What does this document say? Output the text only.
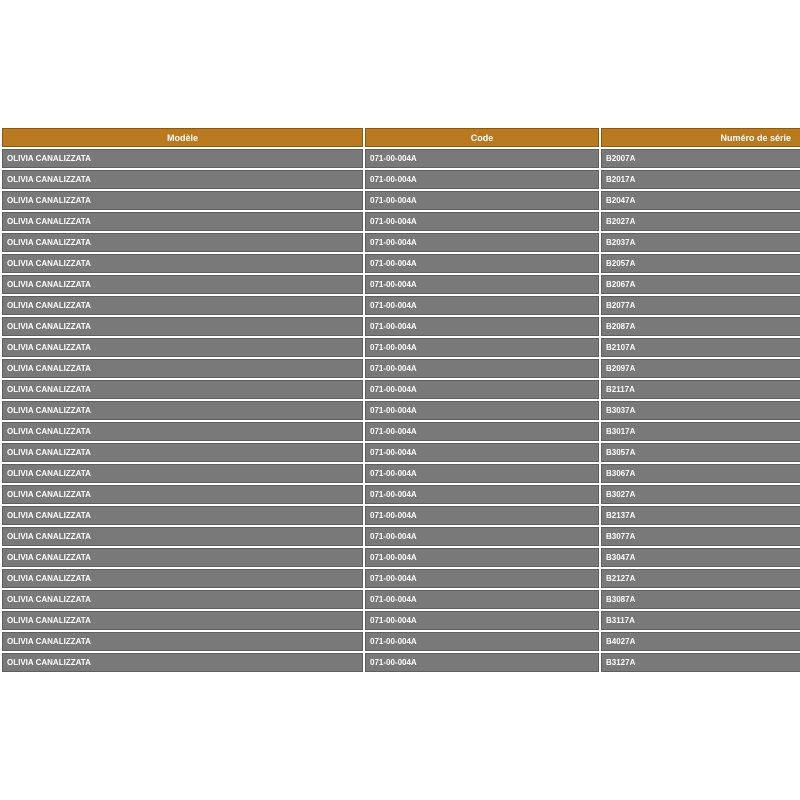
Modèle	Code	Numéro de série
OLIVIA CANALIZZATA	071-00-004A	B2007A
OLIVIA CANALIZZATA	071-00-004A	B2017A
OLIVIA CANALIZZATA	071-00-004A	B2047A
OLIVIA CANALIZZATA	071-00-004A	B2027A
OLIVIA CANALIZZATA	071-00-004A	B2037A
OLIVIA CANALIZZATA	071-00-004A	B2057A
OLIVIA CANALIZZATA	071-00-004A	B2067A
OLIVIA CANALIZZATA	071-00-004A	B2077A
OLIVIA CANALIZZATA	071-00-004A	B2087A
OLIVIA CANALIZZATA	071-00-004A	B2107A
OLIVIA CANALIZZATA	071-00-004A	B2097A
OLIVIA CANALIZZATA	071-00-004A	B2117A
OLIVIA CANALIZZATA	071-00-004A	B3037A
OLIVIA CANALIZZATA	071-00-004A	B3017A
OLIVIA CANALIZZATA	071-00-004A	B3057A
OLIVIA CANALIZZATA	071-00-004A	B3067A
OLIVIA CANALIZZATA	071-00-004A	B3027A
OLIVIA CANALIZZATA	071-00-004A	B2137A
OLIVIA CANALIZZATA	071-00-004A	B3077A
OLIVIA CANALIZZATA	071-00-004A	B3047A
OLIVIA CANALIZZATA	071-00-004A	B2127A
OLIVIA CANALIZZATA	071-00-004A	B3087A
OLIVIA CANALIZZATA	071-00-004A	B3117A
OLIVIA CANALIZZATA	071-00-004A	B4027A
OLIVIA CANALIZZATA	071-00-004A	B3127A
